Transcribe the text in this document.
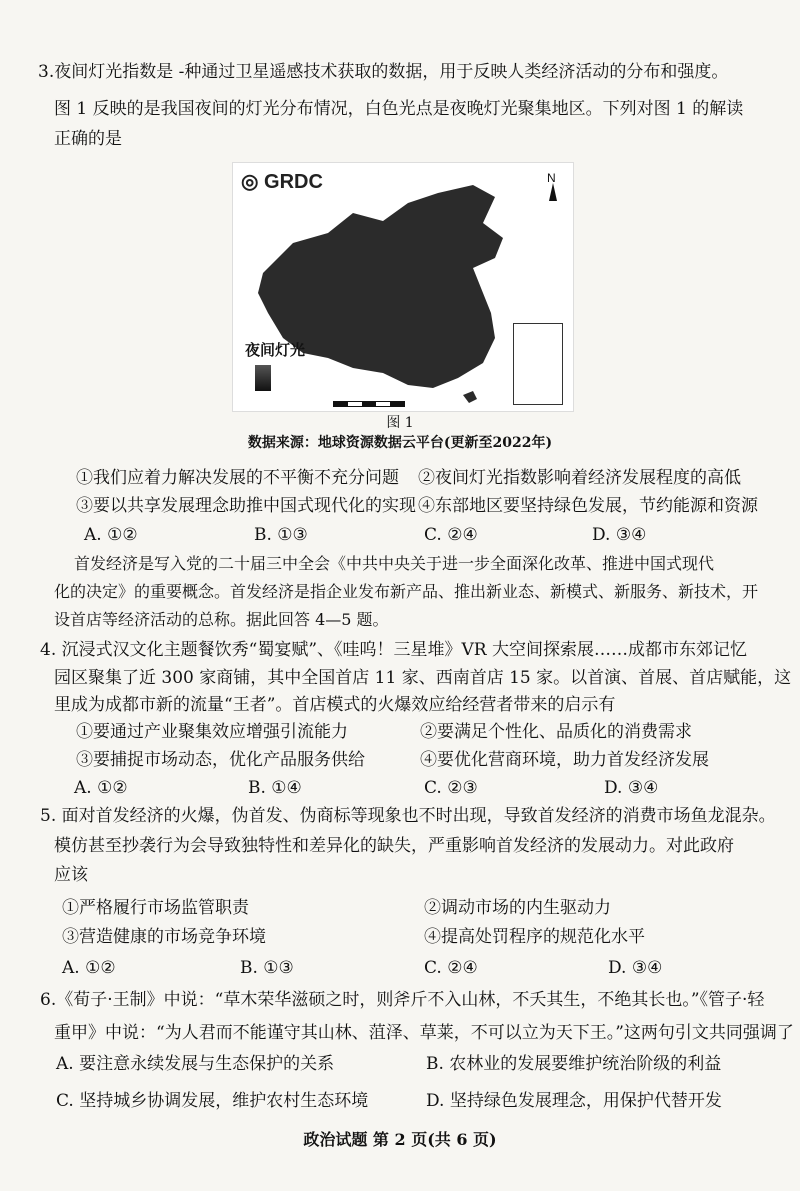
3.夜间灯光指数是 -种通过卫星遥感技术获取的数据，用于反映人类经济活动的分布和强度。
图 1 反映的是我国夜间的灯光分布情况，白色光点是夜晚灯光聚集地区。下列对图 1 的解读
正确的是
◎ GRDC	N
夜间灯光
图 1
数据来源：地球资源数据云平台(更新至2022年)
①我们应着力解决发展的不平衡不充分问题 ②夜间灯光指数影响着经济发展程度的高低
③要以共享发展理念助推中国式现代化的实现 ④东部地区要坚持绿色发展，节约能源和资源
A. ①②	B. ①③	C. ②④	D. ③④
首发经济是写入党的二十届三中全会《中共中央关于进一步全面深化改革、推进中国式现代
化的决定》的重要概念。首发经济是指企业发布新产品、推出新业态、新模式、新服务、新技术，开
设首店等经济活动的总称。据此回答 4—5 题。
4. 沉浸式汉文化主题餐饮秀“蜀宴赋”、《哇呜！三星堆》VR 大空间探索展……成都市东郊记忆
园区聚集了近 300 家商铺，其中全国首店 11 家、西南首店 15 家。以首演、首展、首店赋能，这
里成为成都市新的流量“王者”。首店模式的火爆效应给经营者带来的启示有
①要通过产业聚集效应增强引流能力	②要满足个性化、品质化的消费需求
③要捕捉市场动态，优化产品服务供给	④要优化营商环境，助力首发经济发展
A. ①②	B. ①④	C. ②③	D. ③④
5. 面对首发经济的火爆，伪首发、伪商标等现象也不时出现，导致首发经济的消费市场鱼龙混杂。
模仿甚至抄袭行为会导致独特性和差异化的缺失，严重影响首发经济的发展动力。对此政府
应该
①严格履行市场监管职责	②调动市场的内生驱动力
③营造健康的市场竞争环境	④提高处罚程序的规范化水平
A. ①②	B. ①③	C. ②④	D. ③④
6.《荀子·王制》中说：“草木荣华滋硕之时，则斧斤不入山林，不夭其生，不绝其长也。”《管子·轻
重甲》中说：“为人君而不能谨守其山林、菹泽、草莱，不可以立为天下王。”这两句引文共同强调了
A. 要注意永续发展与生态保护的关系	B. 农林业的发展要维护统治阶级的利益
C. 坚持城乡协调发展，维护农村生态环境	D. 坚持绿色发展理念，用保护代替开发
政治试题 第 2 页(共 6 页)
